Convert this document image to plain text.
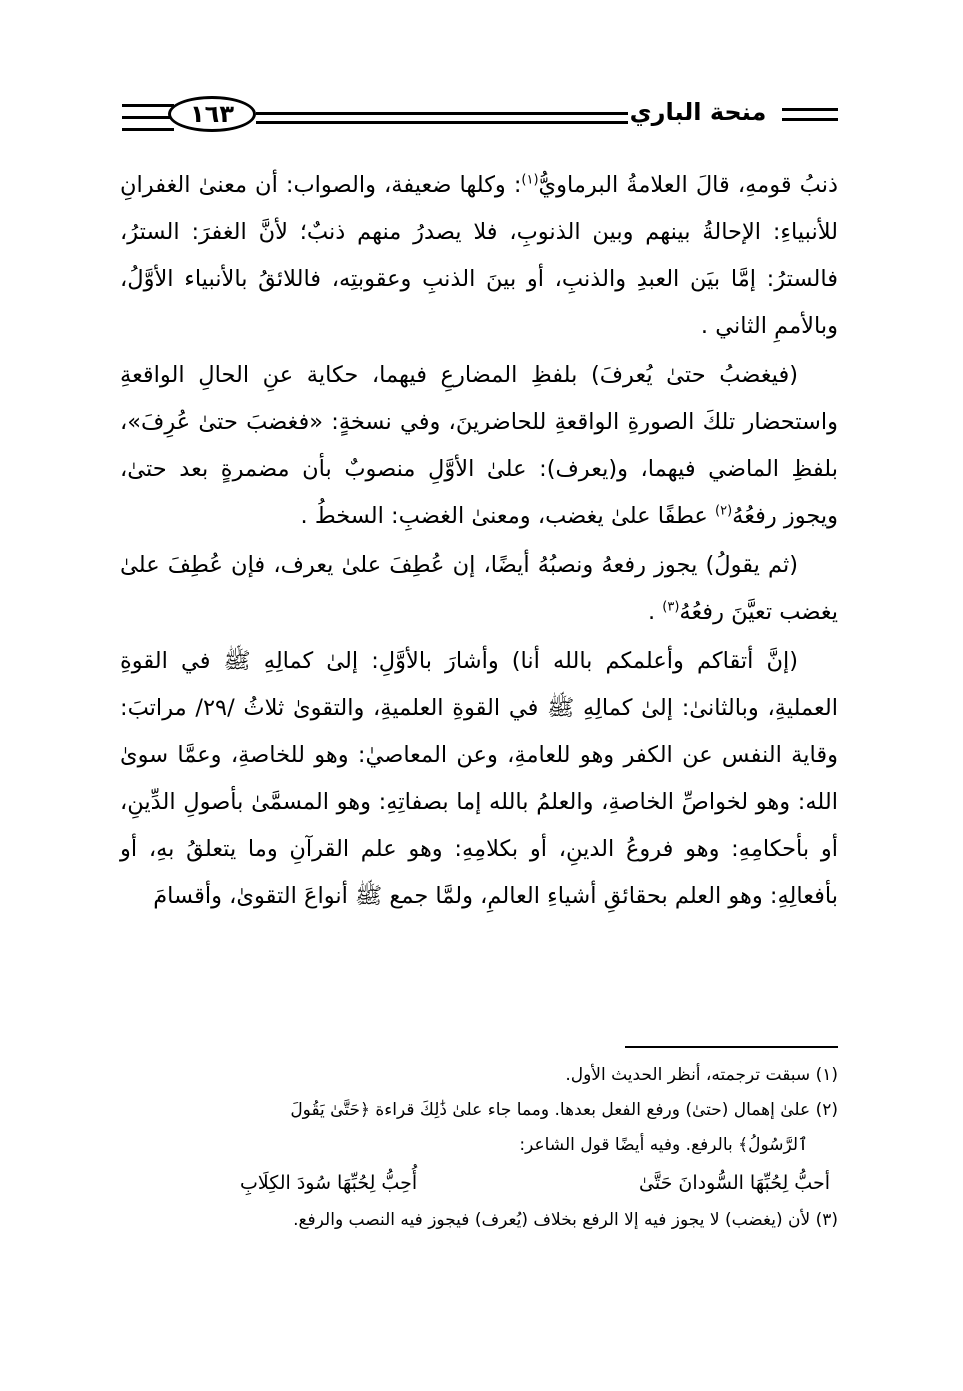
١٦٣	منحة الباري

ذنبُ قومهِ، قالَ العلامةُ البرماويُّ$^{(١)}$: وكلها ضعيفة، والصواب: أن معنىٰ الغفرانِ للأنبياءِ: الإحالةُ بينهم وبين الذنوبِ، فلا يصدرُ منهم ذنبٌ؛ لأنَّ الغفرَ: السترُ، فالسترُ: إمَّا بيَن العبدِ والذنبِ، أو بينَ الذنبِ وعقوبتِه، فاللائقُ بالأنبياء الأوَّلُ، وبالأممِ الثاني .

(فيغضبُ حتىٰ يُعرفَ) بلفظِ المضارعِ فيهما، حكاية عنِ الحالِ الواقعةِ واستحضار تلكَ الصورةِ الواقعةِ للحاضرينَ، وفي نسخةٍ: «فغضبَ حتىٰ عُرِفَ»، بلفظِ الماضي فيهما، و(يعرف): علىٰ الأوَّلِ منصوبٌ بأن مضمرةٍ بعد حتىٰ، ويجوز رفعُهُ$^{(٢)}$ عطفًا علىٰ يغضب، ومعنىٰ الغضبِ: السخطُ .

(ثم يقولُ) يجوز رفعهُ ونصبُهُ أيضًا، إن عُطِفَ علىٰ يعرف، فإن عُطِفَ علىٰ يغضب تعيَّنَ رفعُهُ$^{(٣)}$ .

(إنَّ أتقاكم وأعلمكم بالله أنا) وأشارَ بالأوَّلِ: إلىٰ كمالِهِ ﷺ في القوةِ العمليةِ، وبالثانیٰ: إلىٰ كمالِهِ ﷺ في القوةِ العلميةِ، والتقوىٰ ثلاثُ /٢٩/ مراتبَ: وقاية النفس عن الكفر وهو للعامةِ، وعن المعاصيٰ: وهو للخاصةِ، وعمَّا سوىٰ الله: وهو لخواصِّ الخاصةِ، والعلمُ بالله إما بصفاتِهِ: وهو المسمَّىٰ بأصولِ الدِّينِ، أو بأحكامِهِ: وهو فروعُ الدينِ، أو بكلامِهِ: وهو علم القرآنِ وما يتعلقُ بهِ، أو بأفعالِهِ: وهو العلم بحقائقِ أشياءِ العالمِ، ولمَّا جمع ﷺ أنواعَ التقوىٰ، وأقسامَ

(١) سبقت ترجمته، أنظر الحديث الأول.

(٢) علىٰ إهمال (حتىٰ) ورفع الفعل بعدها. ومما جاء علىٰ ذَٰلِكَ قراءة ﴿حَتَّىٰ يَقُولَ

ٱلرَّسُولُ﴾ بالرفع. وفيه أيضًا قول الشاعر:

أحبُّ لِحُبِّهَا السُّودانَ حَتَّىٰ
أُحِبُّ لِحُبِّهَا سُودَ الكِلَابِ

(٣) لأن (يغضب) لا يجوز فيه إلا الرفع بخلاف (يُعرف) فيجوز فيه النصب والرفع.
